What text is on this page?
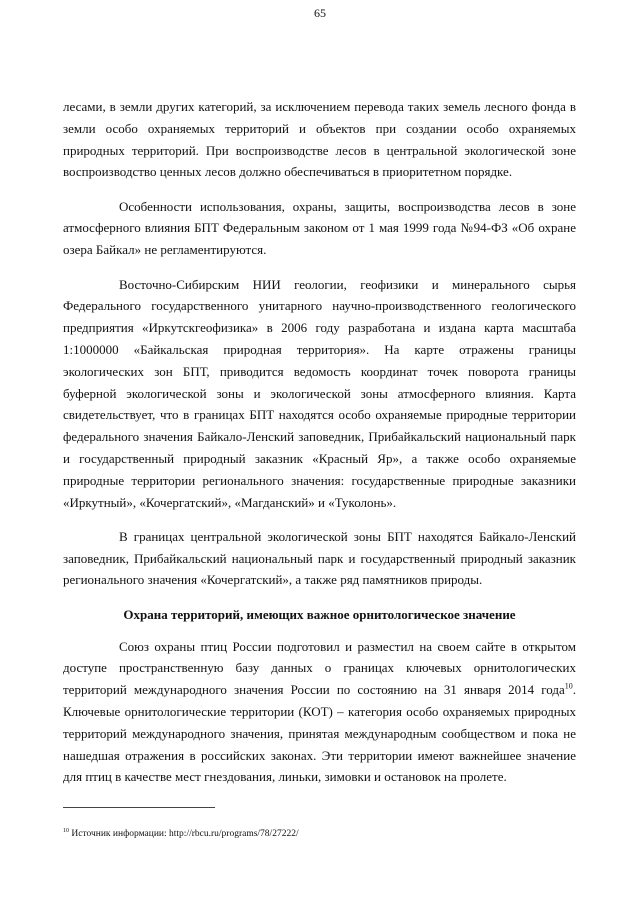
65

лесами, в земли других категорий, за исключением перевода таких земель лесного фонда в земли особо охраняемых территорий и объектов при создании особо охраняемых природных территорий. При воспроизводстве лесов в центральной экологической зоне воспроизводство ценных лесов должно обеспечиваться в приоритетном порядке.

Особенности использования, охраны, защиты, воспроизводства лесов в зоне атмосферного влияния БПТ Федеральным законом от 1 мая 1999 года №94-ФЗ «Об охране озера Байкал» не регламентируются.

Восточно-Сибирским НИИ геологии, геофизики и минерального сырья Федерального государственного унитарного научно-производственного геологического предприятия «Иркутскгеофизика» в 2006 году разработана и издана карта масштаба 1:1000000 «Байкальская природная территория». На карте отражены границы экологических зон БПТ, приводится ведомость координат точек поворота границы буферной экологической зоны и экологической зоны атмосферного влияния. Карта свидетельствует, что в границах БПТ находятся особо охраняемые природные территории федерального значения Байкало-Ленский заповедник, Прибайкальский национальный парк и государственный природный заказник «Красный Яр», а также особо охраняемые природные территории регионального значения: государственные природные заказники «Иркутный», «Кочергатский», «Магданский» и «Туколонь».

В границах центральной экологической зоны БПТ находятся Байкало-Ленский заповедник, Прибайкальский национальный парк и государственный природный заказник регионального значения «Кочергатский», а также ряд памятников природы.

Охрана территорий, имеющих важное орнитологическое значение

Союз охраны птиц России подготовил и разместил на своем сайте в открытом доступе пространственную базу данных о границах ключевых орнитологических территорий международного значения России по состоянию на 31 января 2014 года$^{10}$. Ключевые орнитологические территории (КОТ) – категория особо охраняемых природных территорий международного значения, принятая международным сообществом и пока не нашедшая отражения в российских законах. Эти территории имеют важнейшее значение для птиц в качестве мест гнездования, линьки, зимовки и остановок на пролете.

$^{10}$ Источник информации: http://rbcu.ru/programs/78/27222/
